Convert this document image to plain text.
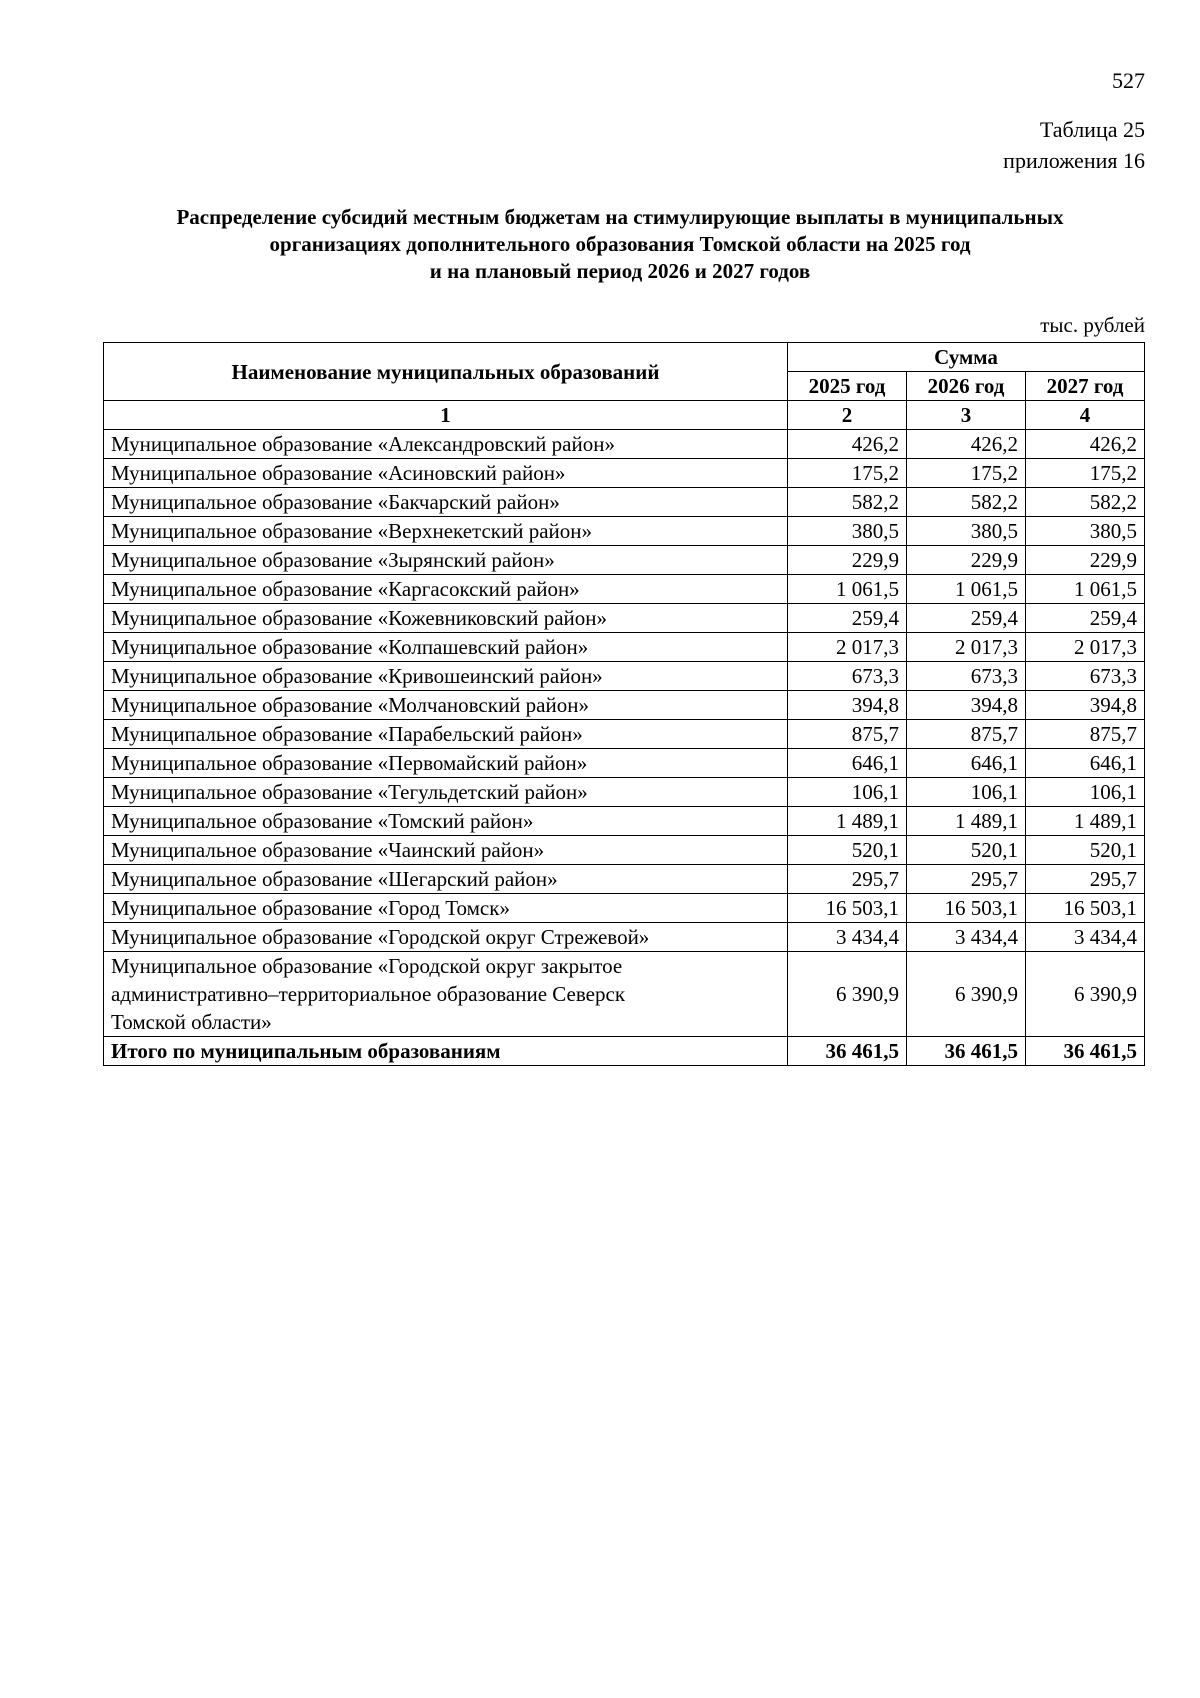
527
Таблица 25
приложения 16
Распределение субсидий местным бюджетам на стимулирующие выплаты в муниципальных
организациях дополнительного образования Томской области на 2025 год
и на плановый период 2026 и 2027 годов
тыс. рублей
Наименование муниципальных образований	Сумма		
	2025 год	2026 год	2027 год
1	2	3	4
Муниципальное образование «Александровский район»	426,2	426,2	426,2
Муниципальное образование «Асиновский район»	175,2	175,2	175,2
Муниципальное образование «Бакчарский район»	582,2	582,2	582,2
Муниципальное образование «Верхнекетский район»	380,5	380,5	380,5
Муниципальное образование «Зырянский район»	229,9	229,9	229,9
Муниципальное образование «Каргасокский район»	1 061,5	1 061,5	1 061,5
Муниципальное образование «Кожевниковский район»	259,4	259,4	259,4
Муниципальное образование «Колпашевский район»	2 017,3	2 017,3	2 017,3
Муниципальное образование «Кривошеинский район»	673,3	673,3	673,3
Муниципальное образование «Молчановский район»	394,8	394,8	394,8
Муниципальное образование «Парабельский район»	875,7	875,7	875,7
Муниципальное образование «Первомайский район»	646,1	646,1	646,1
Муниципальное образование «Тегульдетский район»	106,1	106,1	106,1
Муниципальное образование «Томский район»	1 489,1	1 489,1	1 489,1
Муниципальное образование «Чаинский район»	520,1	520,1	520,1
Муниципальное образование «Шегарский район»	295,7	295,7	295,7
Муниципальное образование «Город Томск»	16 503,1	16 503,1	16 503,1
Муниципальное образование «Городской округ Стрежевой»	3 434,4	3 434,4	3 434,4

Муниципальное образование «Городской округ закрытое
административно–территориальное образование Северск
Томской области»	6 390,9	6 390,9	6 390,9
Итого по муниципальным образованиям	36 461,5	36 461,5	36 461,5
